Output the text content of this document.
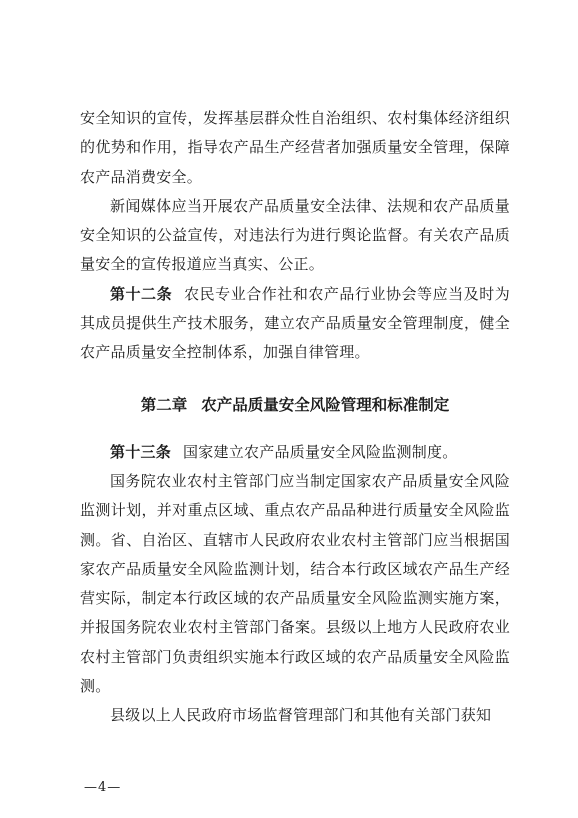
安全知识的宣传，发挥基层群众性自治组织、农村集体经济组织的优势和作用，指导农产品生产经营者加强质量安全管理，保障农产品消费安全。

新闻媒体应当开展农产品质量安全法律、法规和农产品质量安全知识的公益宣传，对违法行为进行舆论监督。有关农产品质量安全的宣传报道应当真实、公正。

第十二条 农民专业合作社和农产品行业协会等应当及时为其成员提供生产技术服务，建立农产品质量安全管理制度，健全农产品质量安全控制体系，加强自律管理。

第二章 农产品质量安全风险管理和标准制定

第十三条 国家建立农产品质量安全风险监测制度。

国务院农业农村主管部门应当制定国家农产品质量安全风险监测计划，并对重点区域、重点农产品品种进行质量安全风险监测。省、自治区、直辖市人民政府农业农村主管部门应当根据国家农产品质量安全风险监测计划，结合本行政区域农产品生产经营实际，制定本行政区域的农产品质量安全风险监测实施方案，并报国务院农业农村主管部门备案。县级以上地方人民政府农业农村主管部门负责组织实施本行政区域的农产品质量安全风险监测。

县级以上人民政府市场监督管理部门和其他有关部门获知

—4—
